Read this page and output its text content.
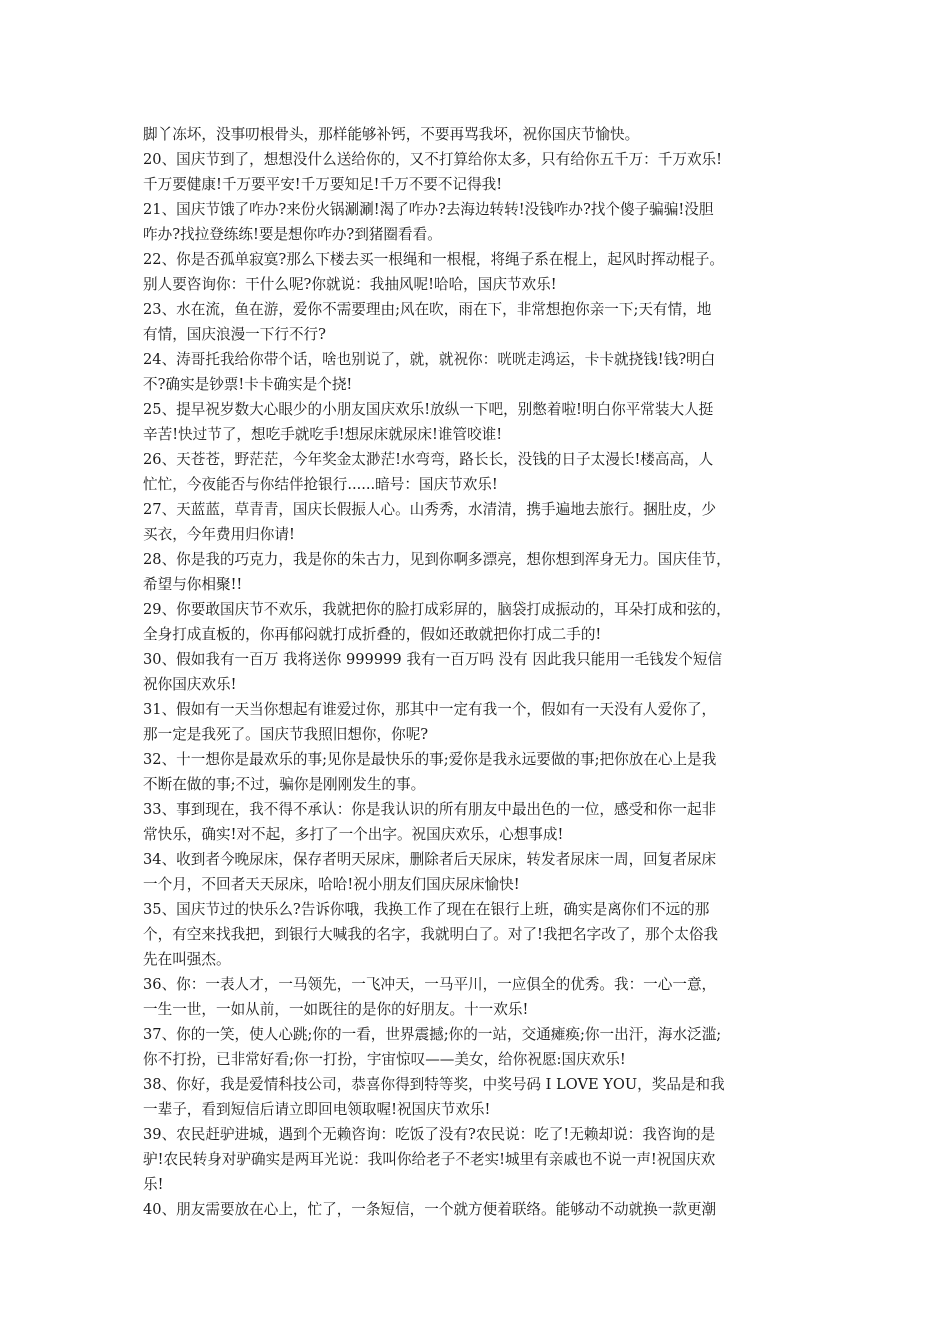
脚丫冻坏，没事叨根骨头，那样能够补钙，不要再骂我坏，祝你国庆节愉快。

20、国庆节到了，想想没什么送给你的，又不打算给你太多，只有给你五千万：千万欢乐!
千万要健康!千万要平安!千万要知足!千万不要不记得我!

21、国庆节饿了咋办?来份火锅涮涮!渴了咋办?去海边转转!没钱咋办?找个傻子骗骗!没胆
咋办?找拉登练练!要是想你咋办?到猪圈看看。

22、你是否孤单寂寞?那么下楼去买一根绳和一根棍，将绳子系在棍上，起风时挥动棍子。
别人要咨询你：干什么呢?你就说：我抽风呢!哈哈，国庆节欢乐!

23、水在流，鱼在游，爱你不需要理由;风在吹，雨在下，非常想抱你亲一下;天有情，地
有情，国庆浪漫一下行不行?

24、涛哥托我给你带个话，啥也别说了，就，就祝你：咣咣走鸿运，卡卡就挠钱!钱?明白
不?确实是钞票!卡卡确实是个挠!

25、提早祝岁数大心眼少的小朋友国庆欢乐!放纵一下吧，别憋着啦!明白你平常装大人挺
辛苦!快过节了，想吃手就吃手!想尿床就尿床!谁管咬谁!

26、天苍苍，野茫茫，今年奖金太渺茫!水弯弯，路长长，没钱的日子太漫长!楼高高，人
忙忙，今夜能否与你结伴抢银行......暗号：国庆节欢乐!

27、天蓝蓝，草青青，国庆长假振人心。山秀秀，水清清，携手遍地去旅行。捆肚皮，少
买衣，今年费用归你请!

28、你是我的巧克力，我是你的朱古力，见到你啊多漂亮，想你想到浑身无力。国庆佳节，
希望与你相聚!!

29、你要敢国庆节不欢乐，我就把你的脸打成彩屏的，脑袋打成振动的，耳朵打成和弦的，
全身打成直板的，你再郁闷就打成折叠的，假如还敢就把你打成二手的!

30、假如我有一百万 我将送你 999999 我有一百万吗 没有 因此我只能用一毛钱发个短信
祝你国庆欢乐!

31、假如有一天当你想起有谁爱过你，那其中一定有我一个，假如有一天没有人爱你了，
那一定是我死了。国庆节我照旧想你，你呢?

32、十一想你是最欢乐的事;见你是最快乐的事;爱你是我永远要做的事;把你放在心上是我
不断在做的事;不过，骗你是刚刚发生的事。

33、事到现在，我不得不承认：你是我认识的所有朋友中最出色的一位，感受和你一起非
常快乐，确实!对不起，多打了一个出字。祝国庆欢乐，心想事成!

34、收到者今晚尿床，保存者明天尿床，删除者后天尿床，转发者尿床一周，回复者尿床
一个月，不回者天天尿床，哈哈!祝小朋友们国庆尿床愉快!

35、国庆节过的快乐么?告诉你哦，我换工作了现在在银行上班，确实是离你们不远的那
个，有空来找我把，到银行大喊我的名字，我就明白了。对了!我把名字改了，那个太俗我
先在叫强杰。

36、你：一表人才，一马领先，一飞冲天，一马平川，一应俱全的优秀。我：一心一意，
一生一世，一如从前，一如既往的是你的好朋友。十一欢乐!

37、你的一笑，使人心跳;你的一看，世界震撼;你的一站，交通瘫痪;你一出汗，海水泛滥;
你不打扮，已非常好看;你一打扮，宇宙惊叹——美女，给你祝愿:国庆欢乐!

38、你好，我是爱情科技公司，恭喜你得到特等奖，中奖号码 I LOVE YOU，奖品是和我
一辈子，看到短信后请立即回电领取喔!祝国庆节欢乐!

39、农民赶驴进城，遇到个无赖咨询：吃饭了没有?农民说：吃了!无赖却说：我咨询的是
驴!农民转身对驴确实是两耳光说：我叫你给老子不老实!城里有亲戚也不说一声!祝国庆欢
乐!

40、朋友需要放在心上，忙了，一条短信，一个就方便着联络。能够动不动就换一款更潮
